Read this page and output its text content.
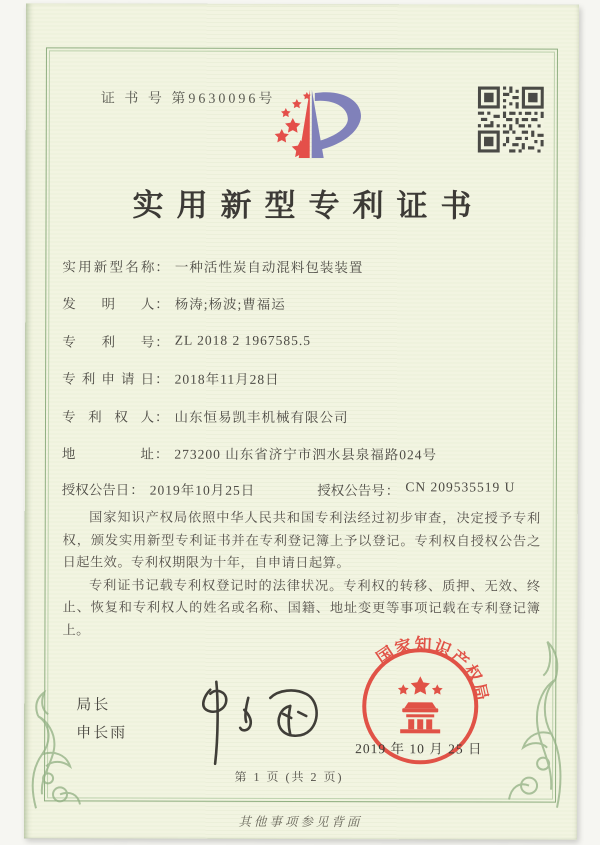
证 书 号 第9630096号
实用新型专利证书
实用新型名称 ： 一种活性炭自动混料包装装置
发明人 ： 杨涛;杨波;曹福运
专利号 ： ZL 2018 2 1967585.5
专利申请日 ： 2018年11月28日
专利权人 ： 山东恒易凯丰机械有限公司
地址 ： 273200 山东省济宁市泗水县泉福路024号
授权公告日 ： 2019年10月25日	授权公告号 ： CN 209535519 U

国家知识产权局依照中华人民共和国专利法经过初步审查，决定授予专利权，颁发实用新型专利证书并在专利登记簿上予以登记。专利权自授权公告之日起生效。专利权期限为十年，自申请日起算。

专利证书记载专利权登记时的法律状况。专利权的转移、质押、无效、终止、恢复和专利权人的姓名或名称、国籍、地址变更等事项记载在专利登记簿上。

局长
申长雨
国家知识产权局
2019 年 10 月 25 日
第 1 页 (共 2 页)
其他事项参见背面
